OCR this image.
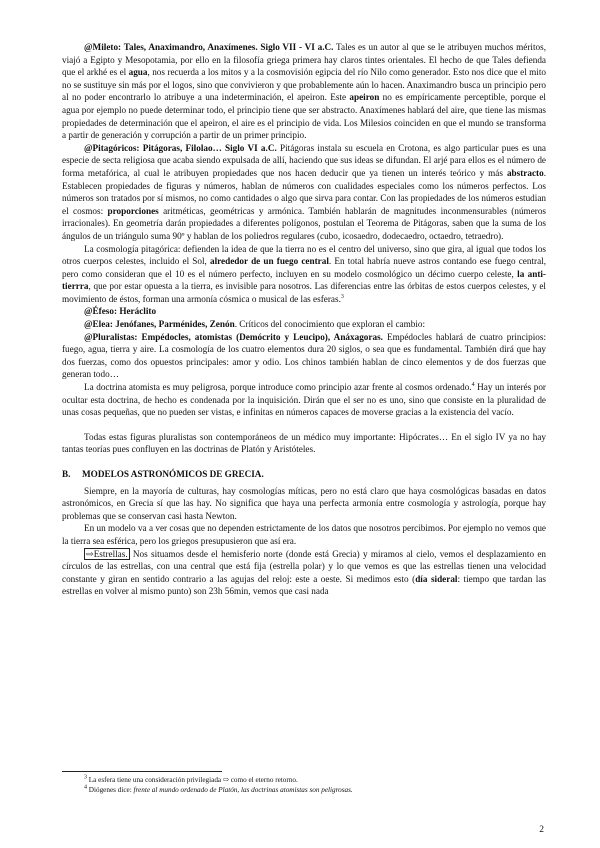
@Mileto: Tales, Anaximandro, Anaxímenes. Siglo VII - VI a.C. Tales es un autor al que se le atribuyen muchos méritos, viajó a Egipto y Mesopotamia, por ello en la filosofía griega primera hay claros tintes orientales. El hecho de que Tales defienda que el arkhé es el agua, nos recuerda a los mitos y a la cosmovisión egipcia del río Nilo como generador. Esto nos dice que el mito no se sustituye sin más por el logos, sino que convivieron y que probablemente aún lo hacen. Anaximandro busca un principio pero al no poder encontrarlo lo atribuye a una indeterminación, el apeiron. Este apeiron no es empíricamente perceptible, porque el agua por ejemplo no puede determinar todo, el principio tiene que ser abstracto. Anaxímenes hablará del aire, que tiene las mismas propiedades de determinación que el apeiron, el aire es el principio de vida. Los Milesios coinciden en que el mundo se transforma a partir de generación y corrupción a partir de un primer principio.

@Pitagóricos: Pitágoras, Filolao… Siglo VI a.C. Pitágoras instala su escuela en Crotona, es algo particular pues es una especie de secta religiosa que acaba siendo expulsada de allí, haciendo que sus ideas se difundan. El arjé para ellos es el número de forma metafórica, al cual le atribuyen propiedades que nos hacen deducir que ya tienen un interés teórico y más abstracto. Establecen propiedades de figuras y números, hablan de números con cualidades especiales como los números perfectos. Los números son tratados por sí mismos, no como cantidades o algo que sirva para contar. Con las propiedades de los números estudian el cosmos: proporciones aritméticas, geométricas y armónica. También hablarán de magnitudes inconmensurables (números irracionales). En geometría darán propiedades a diferentes polígonos, postulan el Teorema de Pitágoras, saben que la suma de los ángulos de un triángulo suma 90º y hablan de los poliedros regulares (cubo, icosaedro, dodecaedro, octaedro, tetraedro).

La cosmología pitagórica: defienden la idea de que la tierra no es el centro del universo, sino que gira, al igual que todos los otros cuerpos celestes, incluido el Sol, alrededor de un fuego central. En total habría nueve astros contando ese fuego central, pero como consideran que el 10 es el número perfecto, incluyen en su modelo cosmológico un décimo cuerpo celeste, la anti-tierrra, que por estar opuesta a la tierra, es invisible para nosotros. Las diferencias entre las órbitas de estos cuerpos celestes, y el movimiento de éstos, forman una armonía cósmica o musical de las esferas.$^3$

@Éfeso: Heráclito

@Elea: Jenófanes, Parménides, Zenón. Críticos del conocimiento que exploran el cambio:

@Pluralistas: Empédocles, atomistas (Demócrito y Leucipo), Anáxagoras. Empédocles hablará de cuatro principios: fuego, agua, tierra y aire. La cosmología de los cuatro elementos dura 20 siglos, o sea que es fundamental. También dirá que hay dos fuerzas, como dos opuestos principales: amor y odio. Los chinos también hablan de cinco elementos y de dos fuerzas que generan todo…

La doctrina atomista es muy peligrosa, porque introduce como principio azar frente al cosmos ordenado.$^4$ Hay un interés por ocultar esta doctrina, de hecho es condenada por la inquisición. Dirán que el ser no es uno, sino que consiste en la pluralidad de unas cosas pequeñas, que no pueden ser vistas, e infinitas en números capaces de moverse gracias a la existencia del vacío.

Todas estas figuras pluralistas son contemporáneos de un médico muy importante: Hipócrates… En el siglo IV ya no hay tantas teorías pues confluyen en las doctrinas de Platón y Aristóteles.

B. MODELOS ASTRONÓMICOS DE GRECIA.

Siempre, en la mayoría de culturas, hay cosmologías míticas, pero no está claro que haya cosmológicas basadas en datos astronómicos, en Grecia sí que las hay. No significa que haya una perfecta armonía entre cosmología y astrología, porque hay problemas que se conservan casi hasta Newton.

En un modelo va a ver cosas que no dependen estrictamente de los datos que nosotros percibimos. Por ejemplo no vemos que la tierra sea esférica, pero los griegos presupusieron que así era.

⇨Estrellas. Nos situamos desde el hemisferio norte (donde está Grecia) y miramos al cielo, vemos el desplazamiento en círculos de las estrellas, con una central que está fija (estrella polar) y lo que vemos es que las estrellas tienen una velocidad constante y giran en sentido contrario a las agujas del reloj: este a oeste. Si medimos esto (día sideral: tiempo que tardan las estrellas en volver al mismo punto) son 23h 56min, vemos que casi nada

$^3$ La esfera tiene una consideración privilegiada ⇨ como el eterno retorno.

$^4$ Diógenes dice: frente al mundo ordenado de Platón, las doctrinas atomistas son peligrosas.

2
